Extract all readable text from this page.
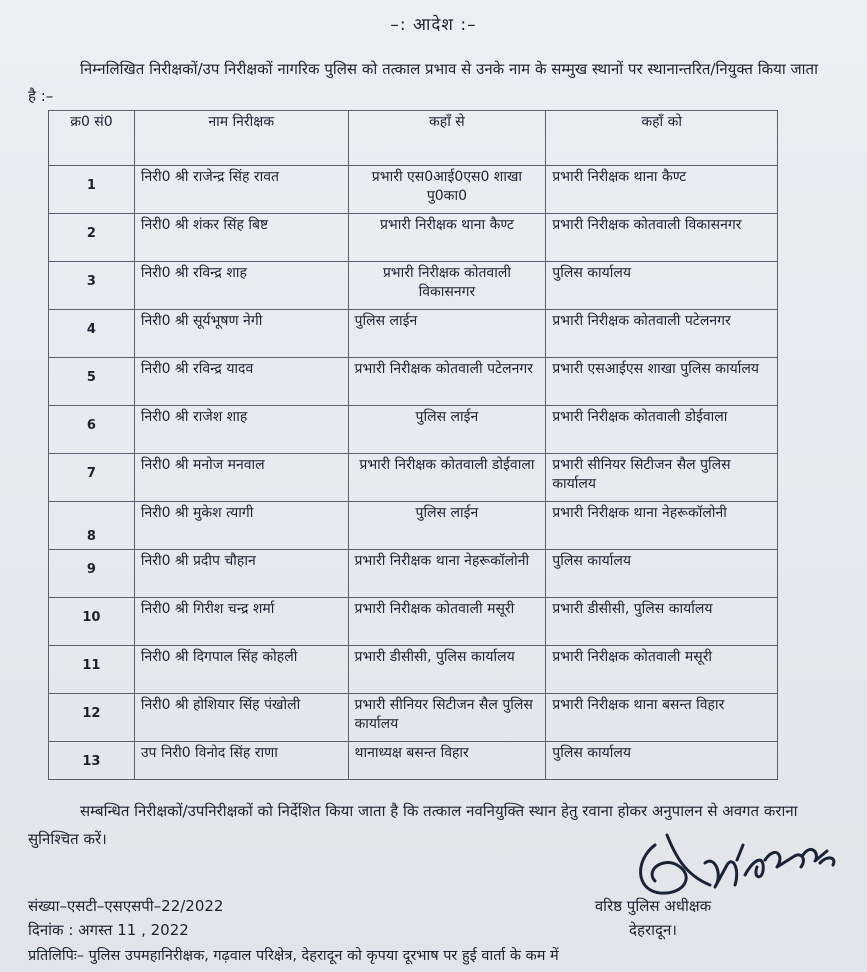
–: आदेश :–
निम्नलिखित निरीक्षकों/उप निरीक्षकों नागरिक पुलिस को तत्काल प्रभाव से उनके नाम के सम्मुख स्थानों पर स्थानान्तरित/नियुक्त किया जाता है :–
क्र0 सं0	नाम निरीक्षक	कहाँ से	कहाँ को
1	निरी0 श्री राजेन्द्र सिंह रावत	प्रभारी एस0आई0एस0 शाखा पु0का0	प्रभारी निरीक्षक थाना कैण्ट
2	निरी0 श्री शंकर सिंह बिष्ट	प्रभारी निरीक्षक थाना कैण्ट	प्रभारी निरीक्षक कोतवाली विकासनगर
3	निरी0 श्री रविन्द्र शाह	प्रभारी निरीक्षक कोतवाली विकासनगर	पुलिस कार्यालय
4	निरी0 श्री सूर्यभूषण नेगी	पुलिस लाईन	प्रभारी निरीक्षक कोतवाली पटेलनगर
5	निरी0 श्री रविन्द्र यादव	प्रभारी निरीक्षक कोतवाली पटेलनगर	प्रभारी एसआईएस शाखा पुलिस कार्यालय
6	निरी0 श्री राजेश शाह	पुलिस लाईन	प्रभारी निरीक्षक कोतवाली डोईवाला
7	निरी0 श्री मनोज मनवाल	प्रभारी निरीक्षक कोतवाली डोईवाला	प्रभारी सीनियर सिटीजन सैल पुलिस कार्यालय
8	निरी0 श्री मुकेश त्यागी	पुलिस लाईन	प्रभारी निरीक्षक थाना नेहरूकॉलोनी
9	निरी0 श्री प्रदीप चौहान	प्रभारी निरीक्षक थाना नेहरूकॉलोनी	पुलिस कार्यालय
10	निरी0 श्री गिरीश चन्द्र शर्मा	प्रभारी निरीक्षक कोतवाली मसूरी	प्रभारी डीसीसी, पुलिस कार्यालय
11	निरी0 श्री दिगपाल सिंह कोहली	प्रभारी डीसीसी, पुलिस कार्यालय	प्रभारी निरीक्षक कोतवाली मसूरी
12	निरी0 श्री होशियार सिंह पंखोली	प्रभारी सीनियर सिटीजन सैल पुलिस कार्यालय	प्रभारी निरीक्षक थाना बसन्त विहार
13	उप निरी0 विनोद सिंह राणा	थानाध्यक्ष बसन्त विहार	पुलिस कार्यालय
सम्बन्धित निरीक्षकों/उपनिरीक्षकों को निर्देशित किया जाता है कि तत्काल नवनियुक्ति स्थान हेतु रवाना होकर अनुपालन से अवगत कराना सुनिश्चित करें।
संख्या–एसटी–एसएसपी–22/2022
दिनांक : अगस्त 11 , 2022
वरिष्ठ पुलिस अधीक्षक
देहरादून।
प्रतिलिपिः– पुलिस उपमहानिरीक्षक, गढ़वाल परिक्षेत्र, देहरादून को कृपया दूरभाष पर हुई वार्ता के कम में
